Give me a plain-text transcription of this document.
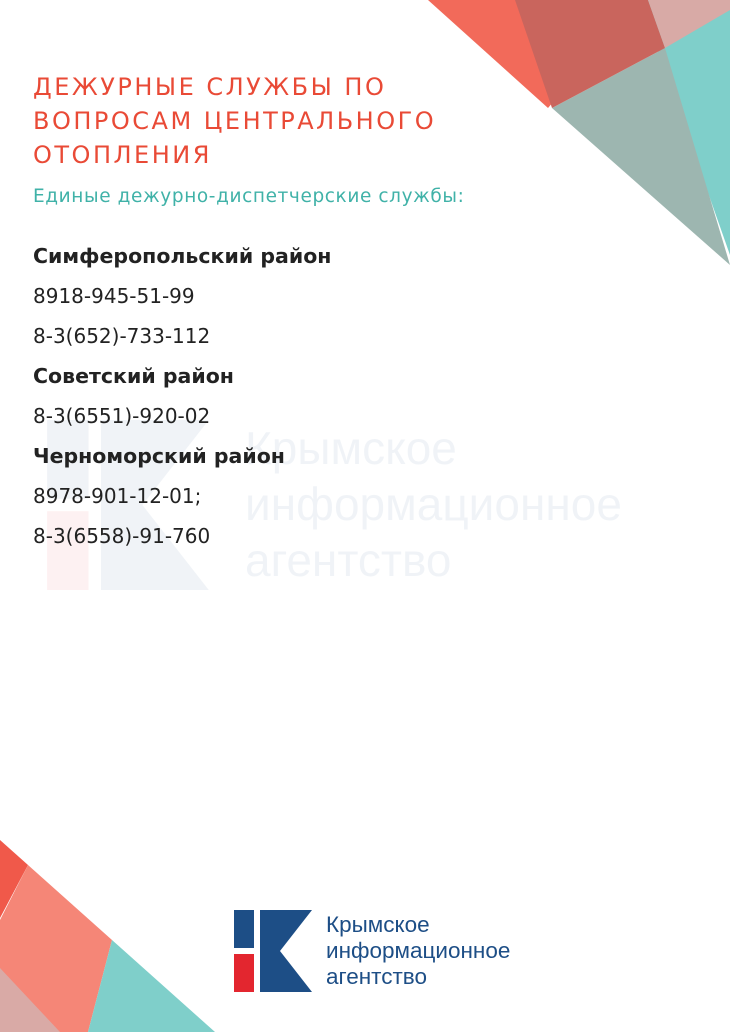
Крымское
информационное
агентство
ДЕЖУРНЫЕ СЛУЖБЫ ПО
ВОПРОСАМ ЦЕНТРАЛЬНОГО
ОТОПЛЕНИЯ

Единые дежурно-диспетчерские службы:

Симферопольский район

8918-945-51-99

8-3(652)-733-112

Советский район

8-3(6551)-920-02

Черноморский район

8978-901-12-01;

8-3(6558)-91-760

Крымское
информационное
агентство
